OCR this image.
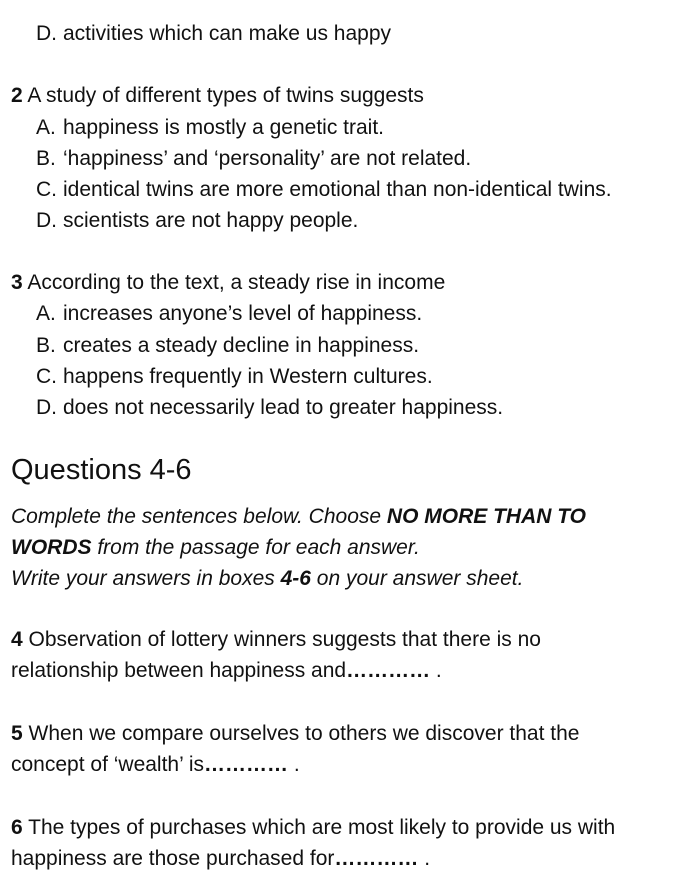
D. activities which can make us happy
2 A study of different types of twins suggests
A. happiness is mostly a genetic trait.
B. ‘happiness’ and ‘personality’ are not related.
C. identical twins are more emotional than non-identical twins.
D. scientists are not happy people.
3 According to the text, a steady rise in income
A. increases anyone’s level of happiness.
B. creates a steady decline in happiness.
C. happens frequently in Western cultures.
D. does not necessarily lead to greater happiness.
Questions 4-6
Complete the sentences below. Choose NO MORE THAN TO
WORDS from the passage for each answer.
Write your answers in boxes 4-6 on your answer sheet.
4 Observation of lottery winners suggests that there is no
relationship between happiness and………… .
5 When we compare ourselves to others we discover that the
concept of ‘wealth’ is………… .
6 The types of purchases which are most likely to provide us with
happiness are those purchased for………… .
